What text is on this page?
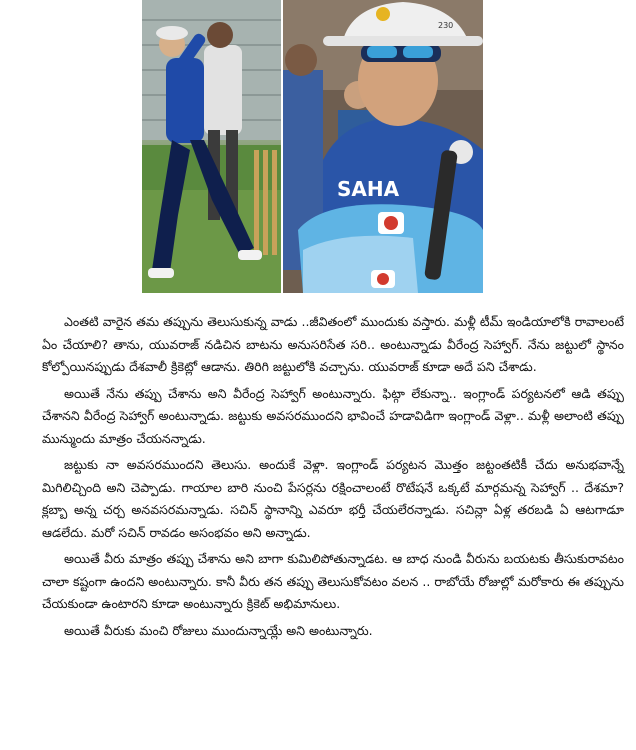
SAHA
230

ఎంతటి వారైన తమ తప్పును తెలుసుకున్న వాడు ..జీవితంలో ముందుకు వస్తారు. మళ్లీ టీమ్ ఇండియాలోకి రావాలంటే ఏం చేయాలి? తాను, యువరాజ్ నడిచిన బాటను అనుసరిసేత సరి.. అంటున్నాడు వీరేంద్ర సెహ్వాగ్. నేను జట్టులో స్థానం కోల్పోయినప్పుడు దేశవాలీ క్రికెట్లో ఆడాను. తిరిగి జట్టులోకి వచ్చాను. యువరాజ్ కూడా అదే పని చేశాడు.

అయితే నేను తప్పు చేశాను అని వీరేంద్ర సెహ్వాగ్ అంటున్నారు. ఫిట్గా లేకున్నా.. ఇంగ్లాండ్ పర్యటనలో ఆడి తప్పు చేశానని వీరేంద్ర సెహ్వాగ్ అంటున్నాడు. జట్టుకు అవసరముందని భావించే హడావిడిగా ఇంగ్లాండ్ వెళ్లా.. మళ్లీ అలాంటి తప్పు మున్ముందు మాత్రం చేయనన్నాడు.

జట్టుకు నా అవసరముందని తెలుసు. అందుకే వెళ్లా. ఇంగ్లాండ్ పర్యటన మొత్తం జట్టంతటికీ చేదు అనుభవాన్నే మిగిలిచ్చింది అని చెప్పాడు. గాయాల బారి నుంచి పేసర్లను రక్షించాలంటే రొటేషనే ఒక్కటే మార్గమన్న సెహ్వాగ్ .. దేశమా? క్లబ్బా అన్న చర్చ అనవసరమన్నాడు. సచిన్ స్థానాన్ని ఎవరూ భర్తీ చేయలేరన్నాడు. సచిన్లా ఏళ్ల తరబడి ఏ ఆటగాడూ ఆడలేదు. మరో సచిన్ రావడం అసంభవం అని అన్నాడు.

అయితే వీరు మాత్రం తప్పు చేశాను అని బాగా కుమిలిపోతున్నాడట. ఆ బాధ నుండి వీరును బయటకు తీసుకురావటం చాలా కష్టంగా ఉందని అంటున్నారు. కానీ వీరు తన తప్పు తెలుసుకోవటం వలన .. రాబోయే రోజుల్లో మరోకారు ఈ తప్పును చేయకుండా ఉంటారని కూడా అంటున్నారు క్రికెట్ అభిమానులు.

అయితే వీరుకు మంచి రోజులు ముందున్నాయ్లే అని అంటున్నారు.
